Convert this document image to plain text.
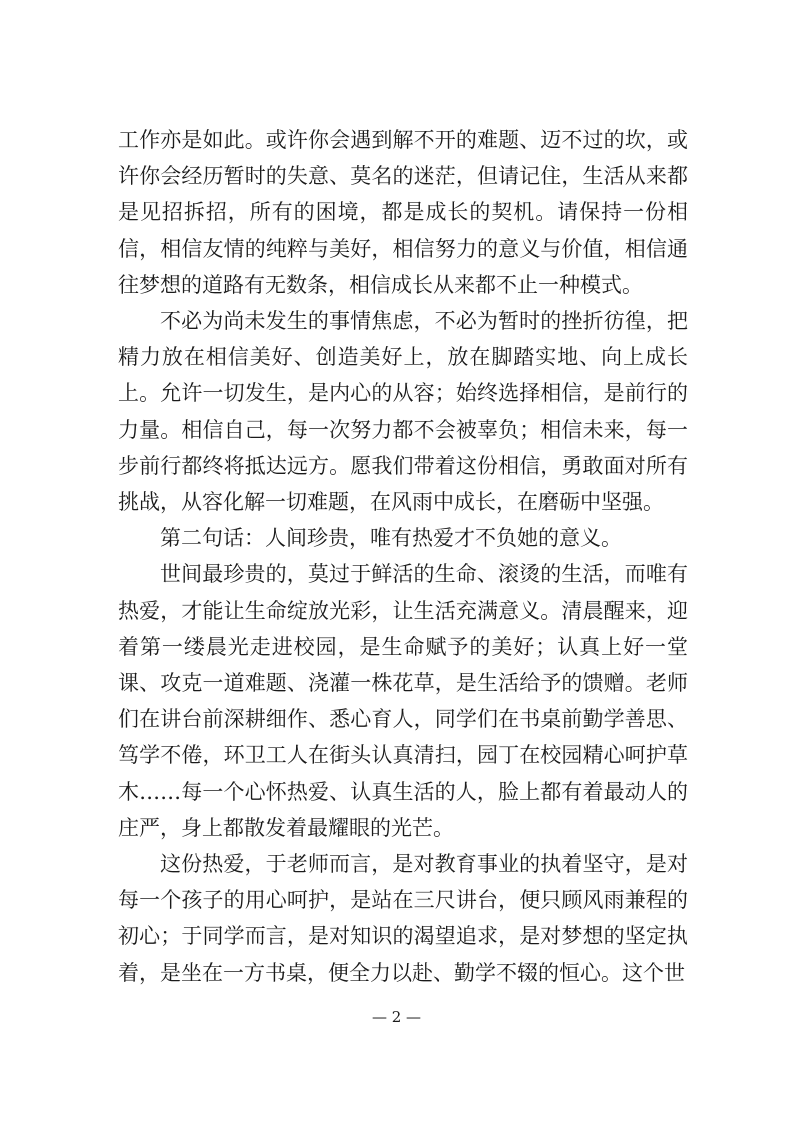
工作亦是如此。或许你会遇到解不开的难题、迈不过的坎，或许你会经历暂时的失意、莫名的迷茫，但请记住，生活从来都是见招拆招，所有的困境，都是成长的契机。请保持一份相信，相信友情的纯粹与美好，相信努力的意义与价值，相信通往梦想的道路有无数条，相信成长从来都不止一种模式。

不必为尚未发生的事情焦虑，不必为暂时的挫折彷徨，把精力放在相信美好、创造美好上，放在脚踏实地、向上成长上。允许一切发生，是内心的从容；始终选择相信，是前行的力量。相信自己，每一次努力都不会被辜负；相信未来，每一步前行都终将抵达远方。愿我们带着这份相信，勇敢面对所有挑战，从容化解一切难题，在风雨中成长，在磨砺中坚强。

第二句话：人间珍贵，唯有热爱才不负她的意义。

世间最珍贵的，莫过于鲜活的生命、滚烫的生活，而唯有热爱，才能让生命绽放光彩，让生活充满意义。清晨醒来，迎着第一缕晨光走进校园，是生命赋予的美好；认真上好一堂课、攻克一道难题、浇灌一株花草，是生活给予的馈赠。老师们在讲台前深耕细作、悉心育人，同学们在书桌前勤学善思、笃学不倦，环卫工人在街头认真清扫，园丁在校园精心呵护草木……每一个心怀热爱、认真生活的人，脸上都有着最动人的庄严，身上都散发着最耀眼的光芒。

这份热爱，于老师而言，是对教育事业的执着坚守，是对每一个孩子的用心呵护，是站在三尺讲台，便只顾风雨兼程的初心；于同学而言，是对知识的渴望追求，是对梦想的坚定执着，是坐在一方书桌，便全力以赴、勤学不辍的恒心。这个世

— 2 —
